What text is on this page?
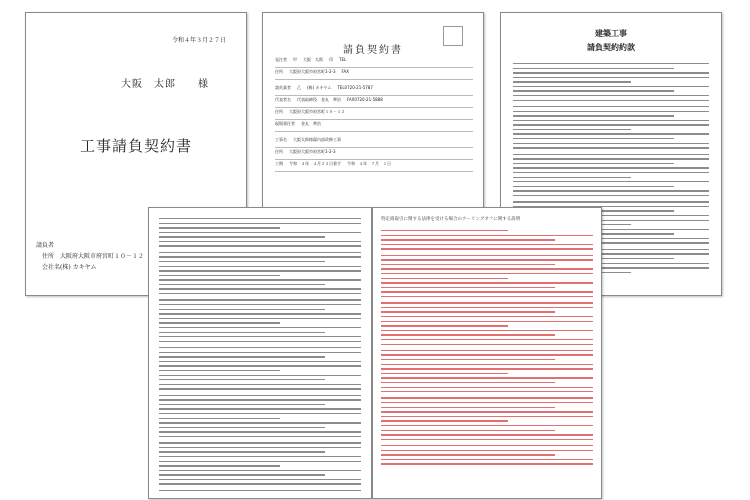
令和４年３月２７日
大阪　太郎 様
工事請負契約書
請負者
住所 大阪府大阪市府宮町１０－１２
会社名(株) カキヤム
請負契約書
発注者 甲 大阪　太郎 印 TEL
住所 大阪府大阪市府宮町1-2-3 FAX
請負業者 乙 (株) カキヤム TEL0720-21-5787
代表者名 代表取締役　金丸　準治 FAX0720-21-5888
住所 大阪府大阪市府宮町１０－１２
現場責任者 金丸　準治
工事名 大阪太郎様邸内部改修工事
住所 大阪府大阪市府宮町1-2-3
工期 令和　４年　４月２５日着手 令和　４年　７月　１日
建築工事
請負契約約款
特定商取引に関する法律を受ける場合のクーリングオフに関する説明
